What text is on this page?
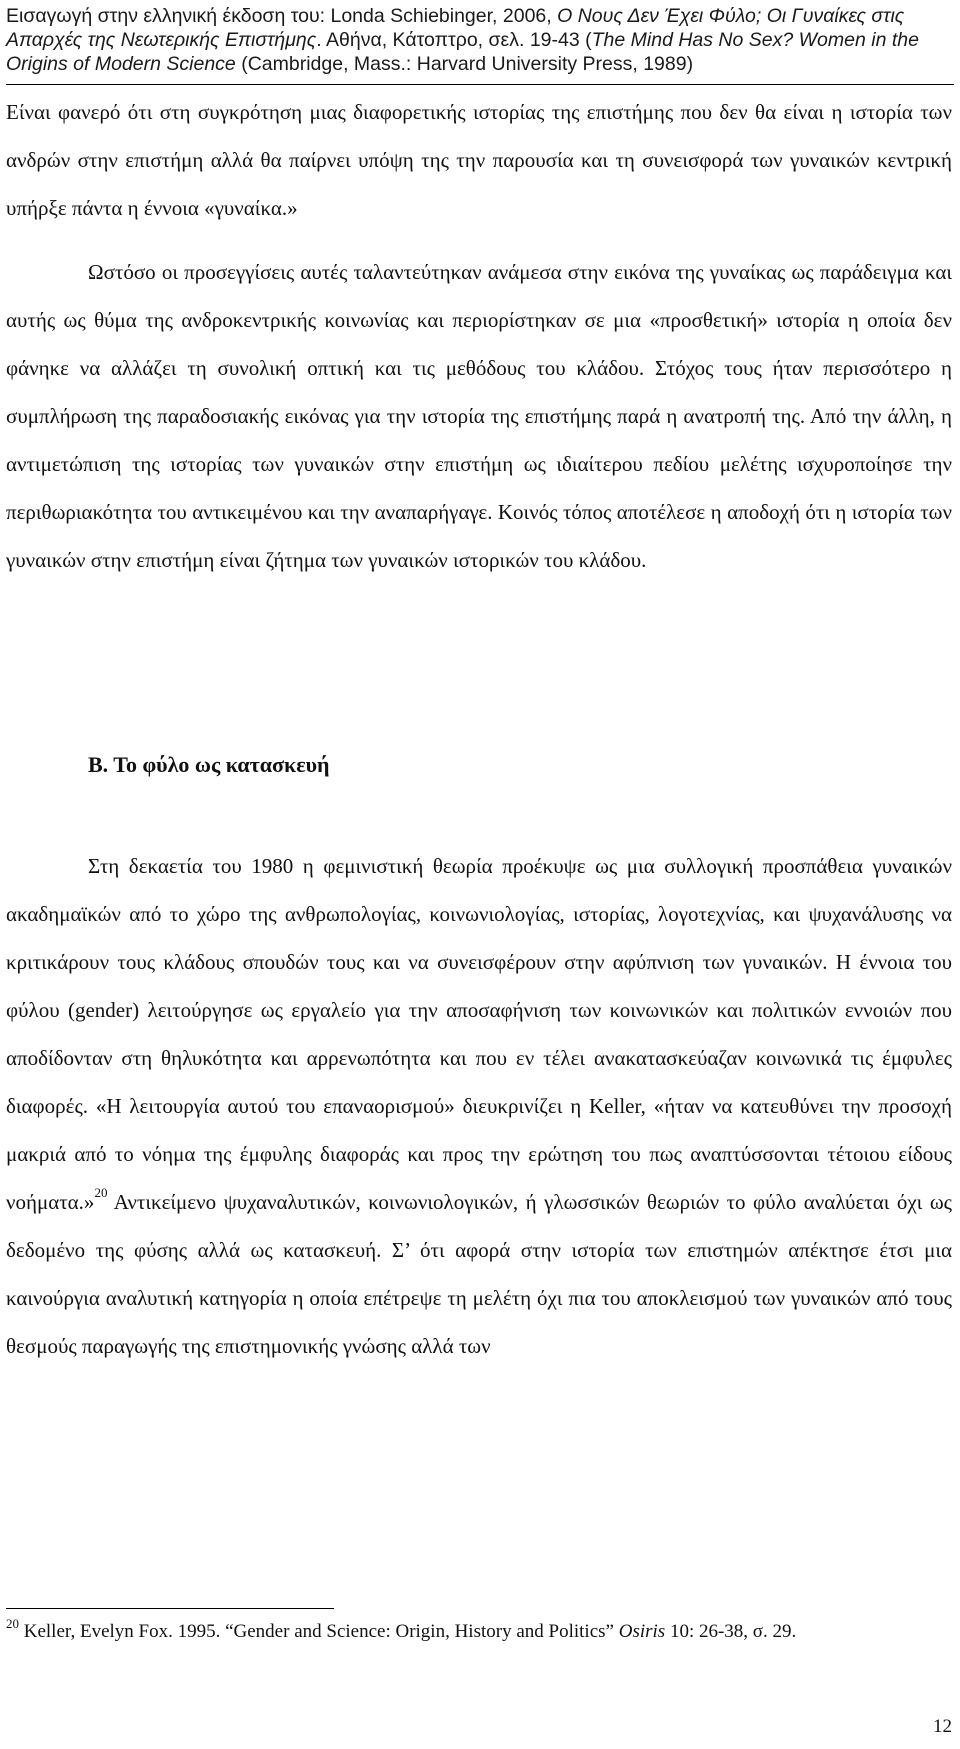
Εισαγωγή στην ελληνική έκδοση του: Londa Schiebinger, 2006, Ο Νους Δεν Έχει Φύλο; Οι Γυναίκες στις Απαρχές της Νεωτερικής Επιστήμης. Αθήνα, Κάτοπτρο, σελ. 19-43 (The Mind Has No Sex? Women in the Origins of Modern Science (Cambridge, Mass.: Harvard University Press, 1989)

Είναι φανερό ότι στη συγκρότηση μιας διαφορετικής ιστορίας της επιστήμης που δεν θα είναι η ιστορία των ανδρών στην επιστήμη αλλά θα παίρνει υπόψη της την παρουσία και τη συνεισφορά των γυναικών κεντρική υπήρξε πάντα η έννοια «γυναίκα.»

Ωστόσο οι προσεγγίσεις αυτές ταλαντεύτηκαν ανάμεσα στην εικόνα της γυναίκας ως παράδειγμα και αυτής ως θύμα της ανδροκεντρικής κοινωνίας και περιορίστηκαν σε μια «προσθετική» ιστορία η οποία δεν φάνηκε να αλλάζει τη συνολική οπτική και τις μεθόδους του κλάδου. Στόχος τους ήταν περισσότερο η συμπλήρωση της παραδοσιακής εικόνας για την ιστορία της επιστήμης παρά η ανατροπή της. Από την άλλη, η αντιμετώπιση της ιστορίας των γυναικών στην επιστήμη ως ιδιαίτερου πεδίου μελέτης ισχυροποίησε την περιθωριακότητα του αντικειμένου και την αναπαρήγαγε. Κοινός τόπος αποτέλεσε η αποδοχή ότι η ιστορία των γυναικών στην επιστήμη είναι ζήτημα των γυναικών ιστορικών του κλάδου.

Β. Το φύλο ως κατασκευή

Στη δεκαετία του 1980 η φεμινιστική θεωρία προέκυψε ως μια συλλογική προσπάθεια γυναικών ακαδημαϊκών από το χώρο της ανθρωπολογίας, κοινωνιολογίας, ιστορίας, λογοτεχνίας, και ψυχανάλυσης να κριτικάρουν τους κλάδους σπουδών τους και να συνεισφέρουν στην αφύπνιση των γυναικών. Η έννοια του φύλου (gender) λειτούργησε ως εργαλείο για την αποσαφήνιση των κοινωνικών και πολιτικών εννοιών που αποδίδονταν στη θηλυκότητα και αρρενωπότητα και που εν τέλει ανακατασκεύαζαν κοινωνικά τις έμφυλες διαφορές. «Η λειτουργία αυτού του επαναορισμού» διευκρινίζει η Keller, «ήταν να κατευθύνει την προσοχή μακριά από το νόημα της έμφυλης διαφοράς και προς την ερώτηση του πως αναπτύσσονται τέτοιου είδους νοήματα.»$^{20}$ Αντικείμενο ψυχαναλυτικών, κοινωνιολογικών, ή γλωσσικών θεωριών το φύλο αναλύεται όχι ως δεδομένο της φύσης αλλά ως κατασκευή. Σ’ ότι αφορά στην ιστορία των επιστημών απέκτησε έτσι μια καινούργια αναλυτική κατηγορία η οποία επέτρεψε τη μελέτη όχι πια του αποκλεισμού των γυναικών από τους θεσμούς παραγωγής της επιστημονικής γνώσης αλλά των

$^{20}$ Keller, Evelyn Fox. 1995. “Gender and Science: Origin, History and Politics” Osiris 10: 26-38, σ. 29.

12
